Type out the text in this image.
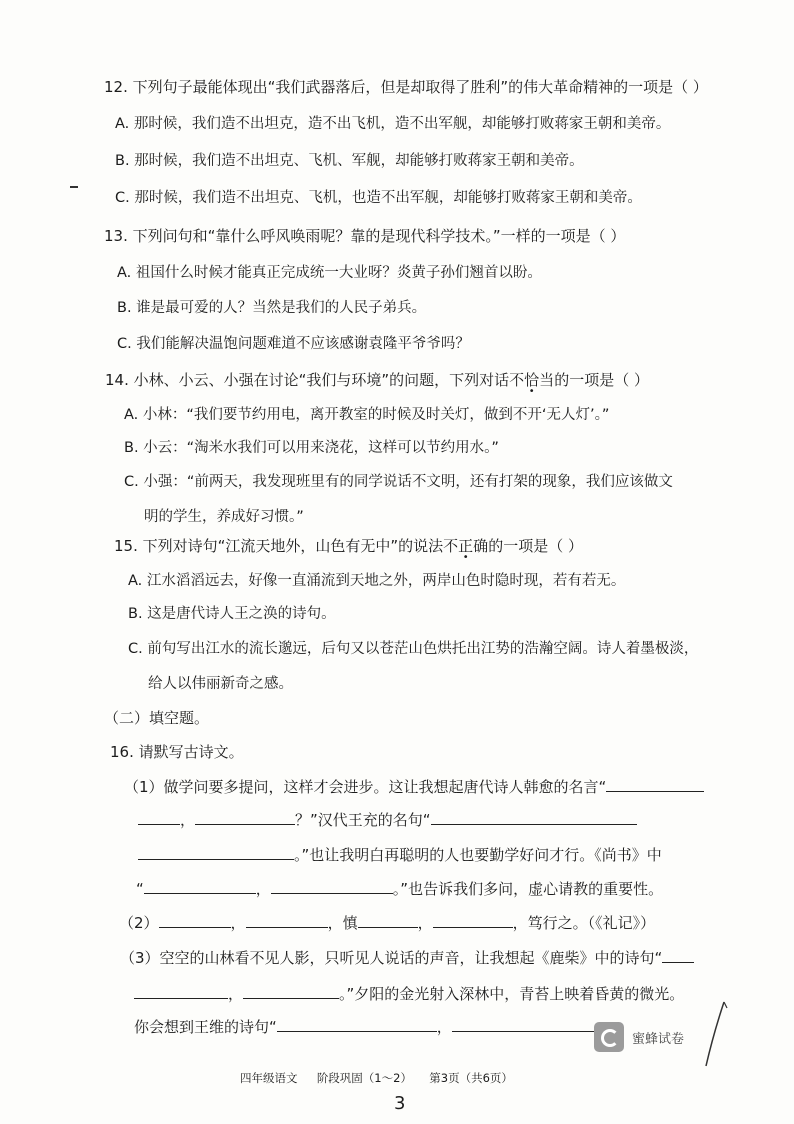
12. 下列句子最能体现出“我们武器落后，但是却取得了胜利”的伟大革命精神的一项是（ ）
A. 那时候，我们造不出坦克，造不出飞机，造不出军舰，却能够打败蒋家王朝和美帝。
B. 那时候，我们造不出坦克、飞机、军舰，却能够打败蒋家王朝和美帝。
C. 那时候，我们造不出坦克、飞机，也造不出军舰，却能够打败蒋家王朝和美帝。
13. 下列问句和“靠什么呼风唤雨呢？靠的是现代科学技术。”一样的一项是（ ）
A. 祖国什么时候才能真正完成统一大业呀？炎黄子孙们翘首以盼。
B. 谁是最可爱的人？当然是我们的人民子弟兵。
C. 我们能解决温饱问题难道不应该感谢袁隆平爷爷吗？
14. 小林、小云、小强在讨论“我们与环境”的问题，下列对话不恰当的一项是（ ）
A. 小林：“我们要节约用电，离开教室的时候及时关灯，做到不开‘无人灯’。”
B. 小云：“淘米水我们可以用来浇花，这样可以节约用水。”
C. 小强：“前两天，我发现班里有的同学说话不文明，还有打架的现象，我们应该做文
明的学生，养成好习惯。”
15. 下列对诗句“江流天地外，山色有无中”的说法不正确的一项是（ ）
A. 江水滔滔远去，好像一直涌流到天地之外，两岸山色时隐时现，若有若无。
B. 这是唐代诗人王之涣的诗句。
C. 前句写出江水的流长邈远，后句又以苍茫山色烘托出江势的浩瀚空阔。诗人着墨极淡，
给人以伟丽新奇之感。
（二）填空题。
16. 请默写古诗文。
（1）做学问要多提问，这样才会进步。这让我想起唐代诗人韩愈的名言“
，	？”汉代王充的名句“
。”也让我明白再聪明的人也要勤学好问才行。《尚书》中
“	，	。”也告诉我们多问，虚心请教的重要性。
（2）	，	，慎	，	，笃行之。（《礼记》）
（3）空空的山林看不见人影，只听见人说话的声音，让我想起《鹿柴》中的诗句“
，	。”夕阳的金光射入深林中，青苔上映着昏黄的微光。
你会想到王维的诗句“	，
蜜蜂试卷
四年级语文 阶段巩固（1～2） 第3页（共6页）
3
